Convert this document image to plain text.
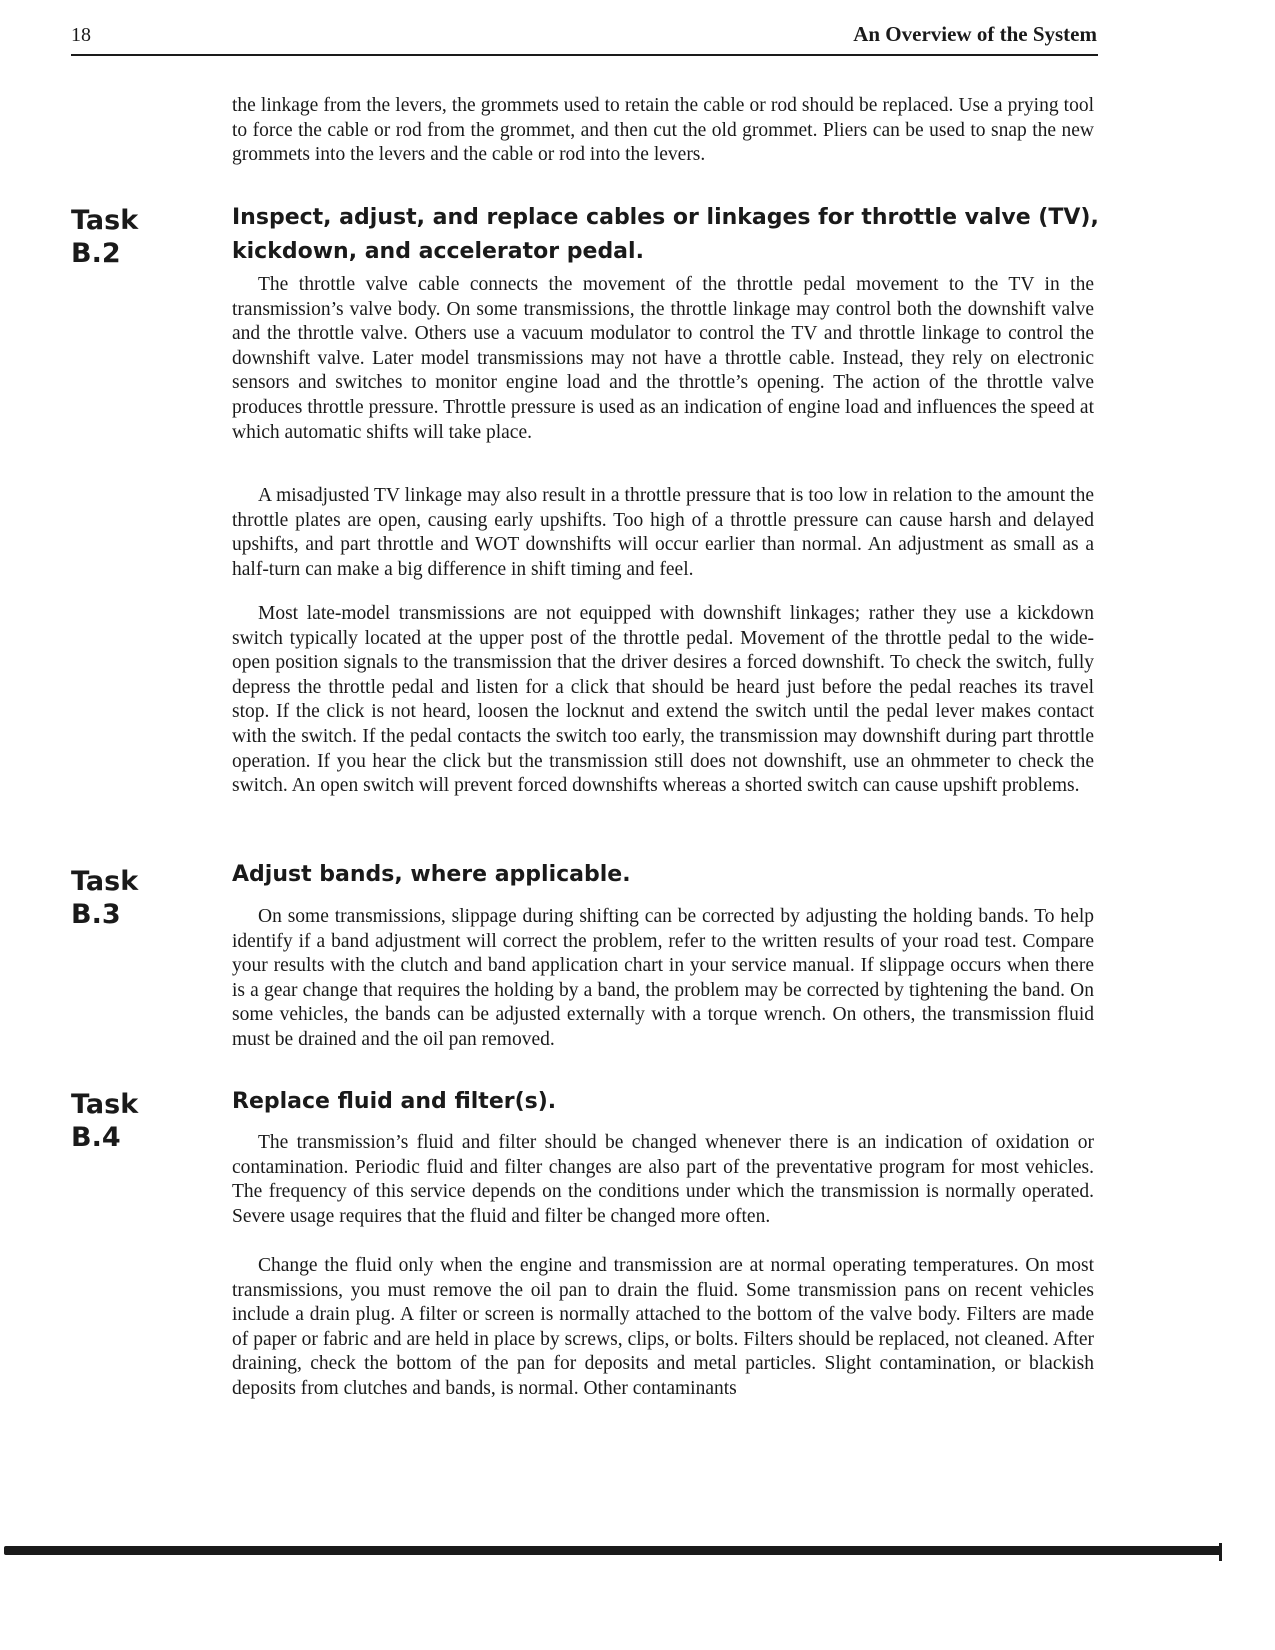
18	An Overview of the System

the linkage from the levers, the grommets used to retain the cable or rod should be replaced. Use a prying tool to force the cable or rod from the grommet, and then cut the old grommet. Pliers can be used to snap the new grommets into the levers and the cable or rod into the levers.

Task
B.2
Inspect, adjust, and replace cables or linkages for throttle valve (TV), kickdown, and accelerator pedal.

The throttle valve cable connects the movement of the throttle pedal movement to the TV in the transmission’s valve body. On some transmissions, the throttle linkage may control both the downshift valve and the throttle valve. Others use a vacuum modulator to control the TV and throttle linkage to control the downshift valve. Later model transmissions may not have a throttle cable. Instead, they rely on electronic sensors and switches to monitor engine load and the throttle’s opening. The action of the throttle valve produces throttle pressure. Throttle pressure is used as an indication of engine load and influences the speed at which automatic shifts will take place.

A misadjusted TV linkage may also result in a throttle pressure that is too low in relation to the amount the throttle plates are open, causing early upshifts. Too high of a throttle pressure can cause harsh and delayed upshifts, and part throttle and WOT downshifts will occur earlier than normal. An adjustment as small as a half-turn can make a big difference in shift timing and feel.

Most late-model transmissions are not equipped with downshift linkages; rather they use a kickdown switch typically located at the upper post of the throttle pedal. Movement of the throttle pedal to the wide-open position signals to the transmission that the driver desires a forced downshift. To check the switch, fully depress the throttle pedal and listen for a click that should be heard just before the pedal reaches its travel stop. If the click is not heard, loosen the locknut and extend the switch until the pedal lever makes contact with the switch. If the pedal contacts the switch too early, the transmission may downshift during part throttle operation. If you hear the click but the transmission still does not downshift, use an ohmmeter to check the switch. An open switch will prevent forced downshifts whereas a shorted switch can cause upshift problems.

Task
B.3
Adjust bands, where applicable.

On some transmissions, slippage during shifting can be corrected by adjusting the holding bands. To help identify if a band adjustment will correct the problem, refer to the written results of your road test. Compare your results with the clutch and band application chart in your service manual. If slippage occurs when there is a gear change that requires the holding by a band, the problem may be corrected by tightening the band. On some vehicles, the bands can be adjusted externally with a torque wrench. On others, the transmission fluid must be drained and the oil pan removed.

Task
B.4
Replace fluid and filter(s).

The transmission’s fluid and filter should be changed whenever there is an indication of oxidation or contamination. Periodic fluid and filter changes are also part of the preventative program for most vehicles. The frequency of this service depends on the conditions under which the transmission is normally operated. Severe usage requires that the fluid and filter be changed more often.

Change the fluid only when the engine and transmission are at normal operating temperatures. On most transmissions, you must remove the oil pan to drain the fluid. Some transmission pans on recent vehicles include a drain plug. A filter or screen is normally attached to the bottom of the valve body. Filters are made of paper or fabric and are held in place by screws, clips, or bolts. Filters should be replaced, not cleaned. After draining, check the bottom of the pan for deposits and metal particles. Slight contamination, or blackish deposits from clutches and bands, is normal. Other contaminants
